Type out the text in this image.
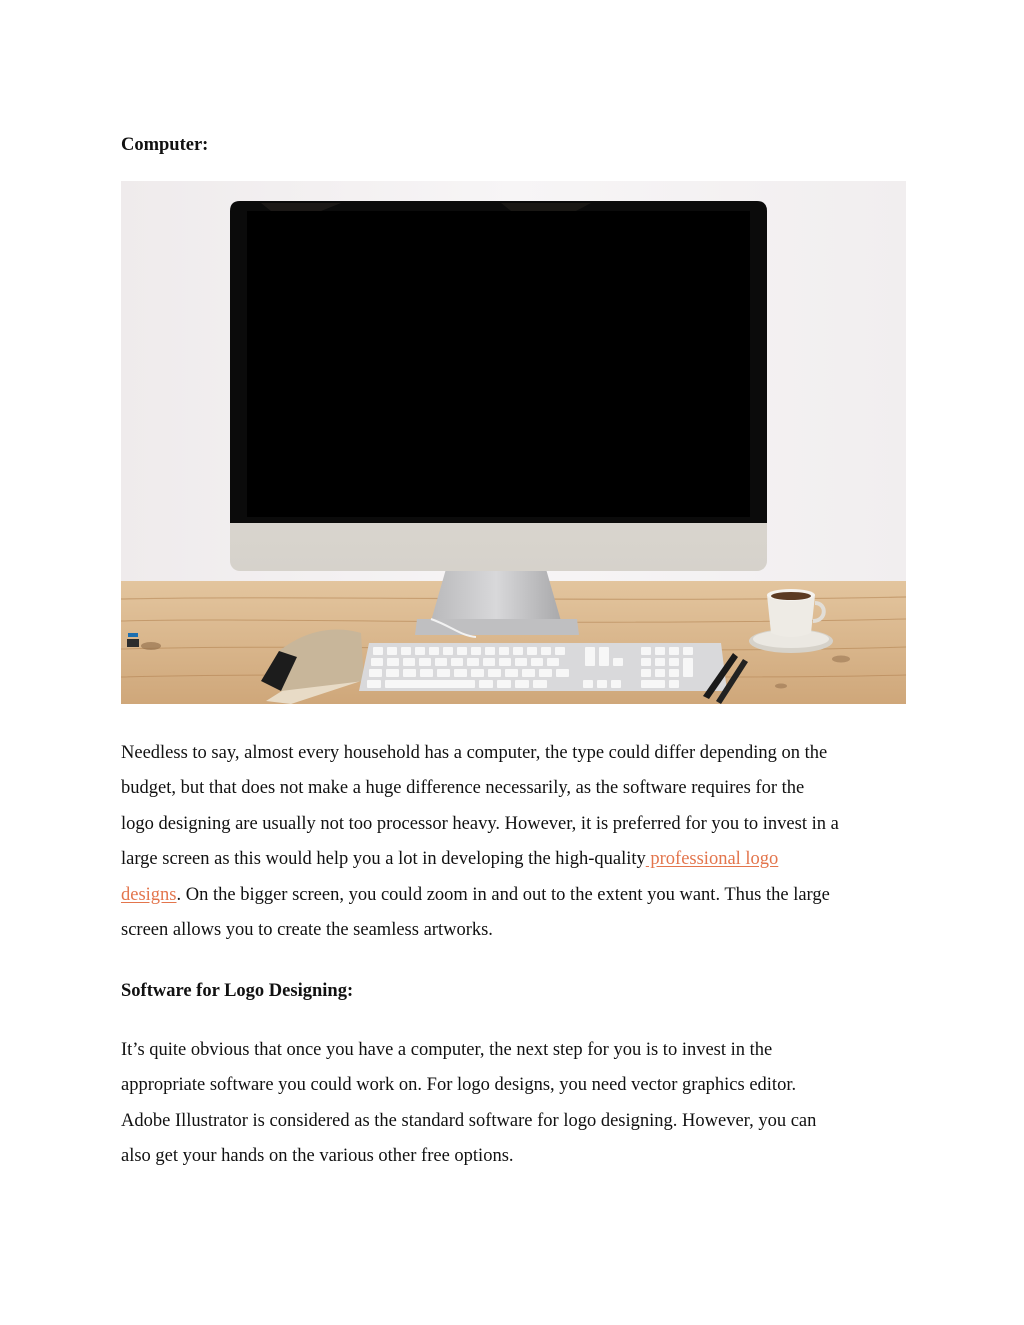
Computer:

Needless to say, almost every household has a computer, the type could differ depending on the
budget, but that does not make a huge difference necessarily, as the software requires for the
logo designing are usually not too processor heavy. However, it is preferred for you to invest in a
large screen as this would help you a lot in developing the high-quality professional logo
designs. On the bigger screen, you could zoom in and out to the extent you want. Thus the large
screen allows you to create the seamless artworks.

Software for Logo Designing:

It’s quite obvious that once you have a computer, the next step for you is to invest in the
appropriate software you could work on. For logo designs, you need vector graphics editor.
Adobe Illustrator is considered as the standard software for logo designing. However, you can
also get your hands on the various other free options.
